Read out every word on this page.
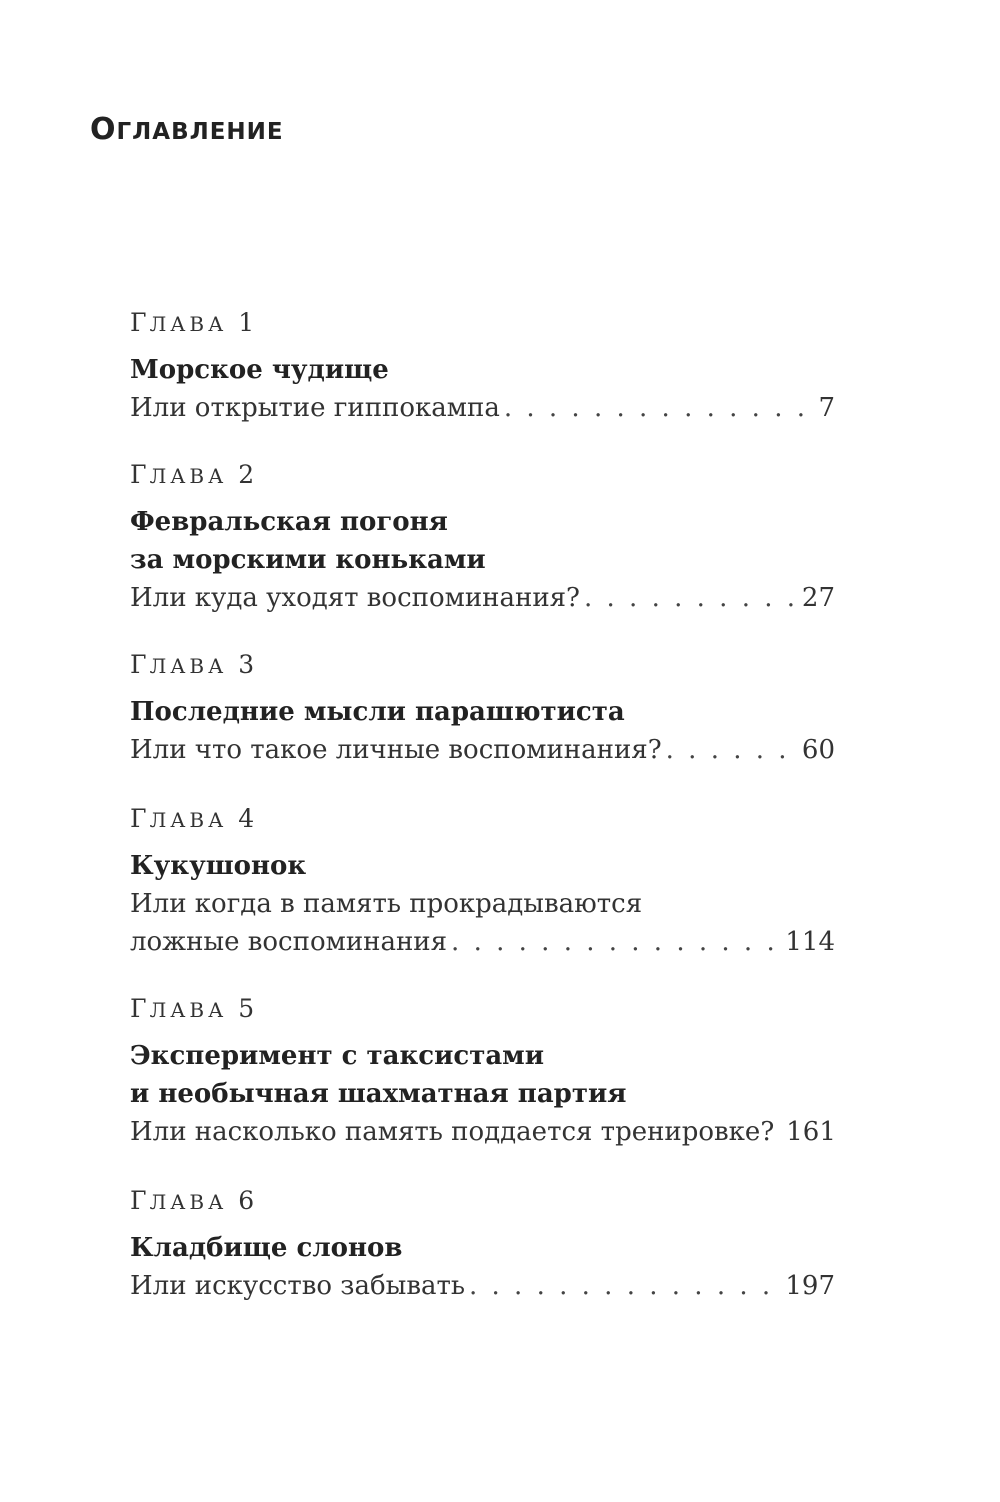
ОГЛАВЛЕНИЕ
ГЛАВА 1
Морское чудище
Или открытие гиппокампа . . .	7
ГЛАВА 2
Февральская погоня
за морскими коньками
Или куда уходят воспоминания? . . .	27
ГЛАВА 3
Последние мысли парашютиста
Или что такое личные воспоминания? . . .	60
ГЛАВА 4
Кукушонок
Или когда в память прокрадываются
ложные воспоминания . . .	114
ГЛАВА 5
Эксперимент с таксистами
и необычная шахматная партия
Или насколько память поддается тренировке? 161
ГЛАВА 6
Кладбище слонов
Или искусство забывать . . .	197
